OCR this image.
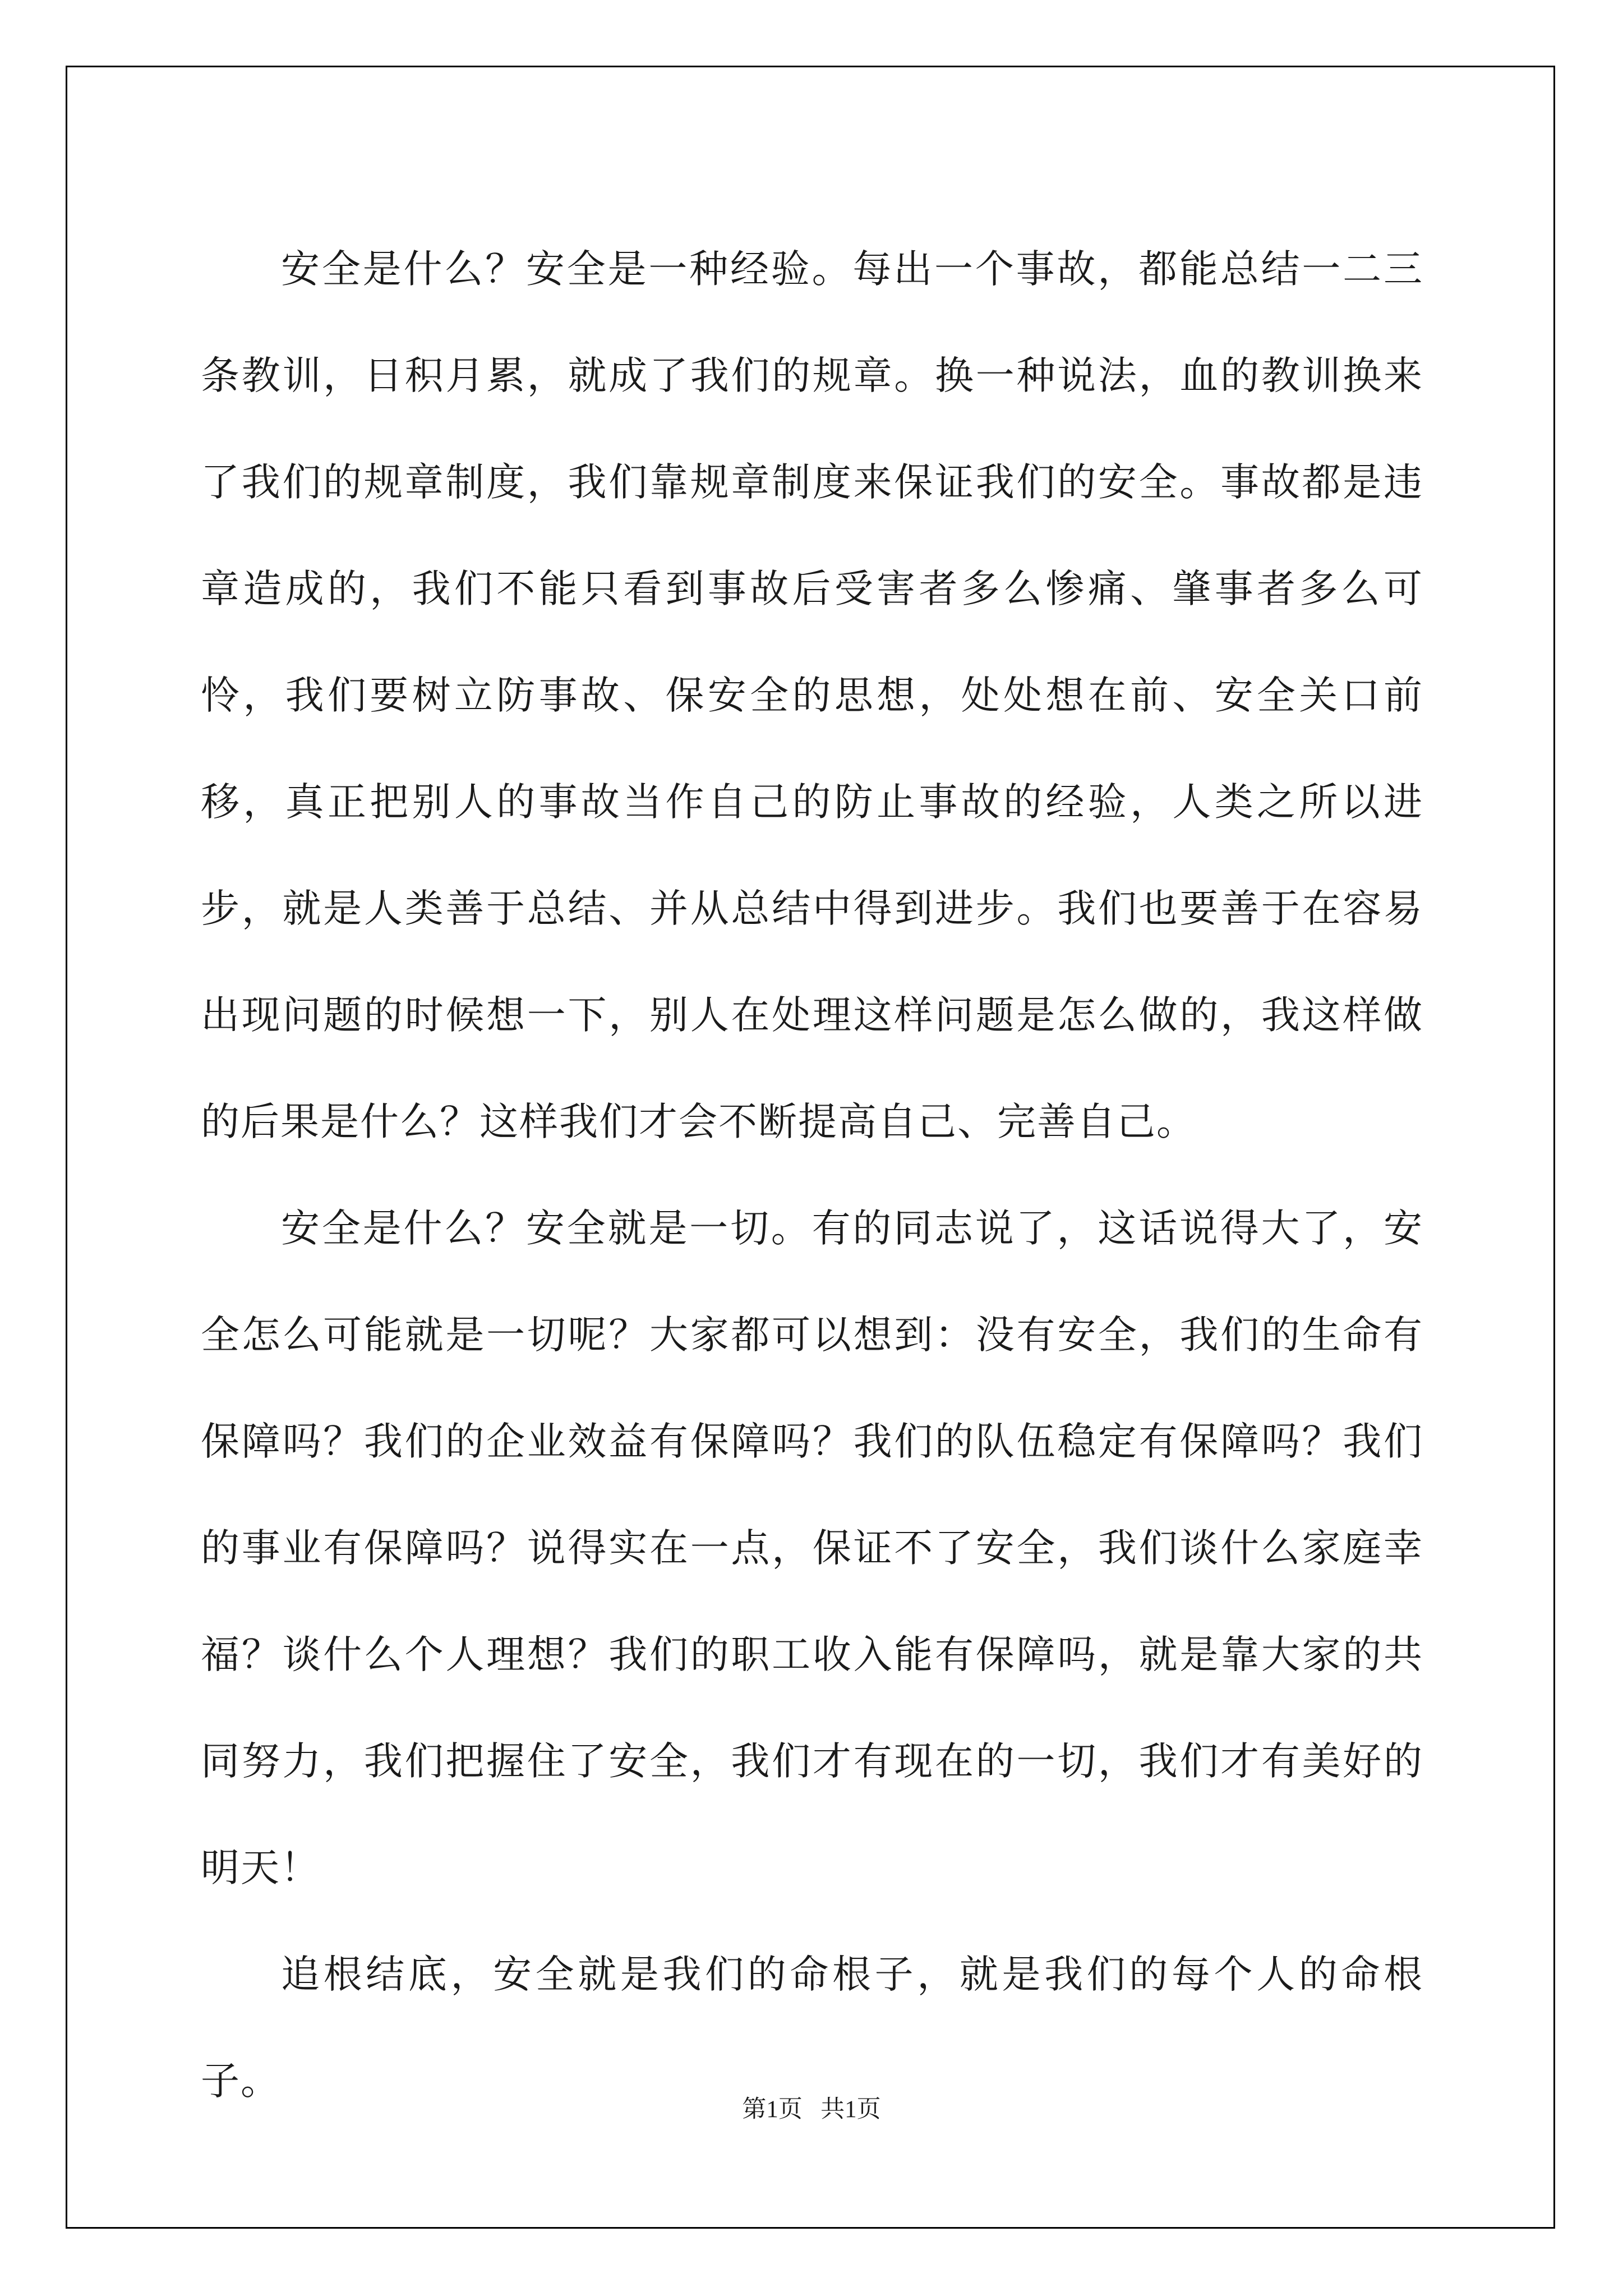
安全是什么？安全是一种经验。每出一个事故，都能总结一二三条教训，日积月累，就成了我们的规章。换一种说法，血的教训换来了我们的规章制度，我们靠规章制度来保证我们的安全。事故都是违章造成的，我们不能只看到事故后受害者多么惨痛、肇事者多么可怜，我们要树立防事故、保安全的思想，处处想在前、安全关口前移，真正把别人的事故当作自己的防止事故的经验，人类之所以进步，就是人类善于总结、并从总结中得到进步。我们也要善于在容易出现问题的时候想一下，别人在处理这样问题是怎么做的，我这样做的后果是什么？这样我们才会不断提高自己、完善自己。

安全是什么？安全就是一切。有的同志说了，这话说得大了，安全怎么可能就是一切呢？大家都可以想到：没有安全，我们的生命有保障吗？我们的企业效益有保障吗？我们的队伍稳定有保障吗？我们的事业有保障吗？说得实在一点，保证不了安全，我们谈什么家庭幸福？谈什么个人理想？我们的职工收入能有保障吗，就是靠大家的共同努力，我们把握住了安全，我们才有现在的一切，我们才有美好的明天！

追根结底，安全就是我们的命根子，就是我们的每个人的命根子。

第1页 共1页
